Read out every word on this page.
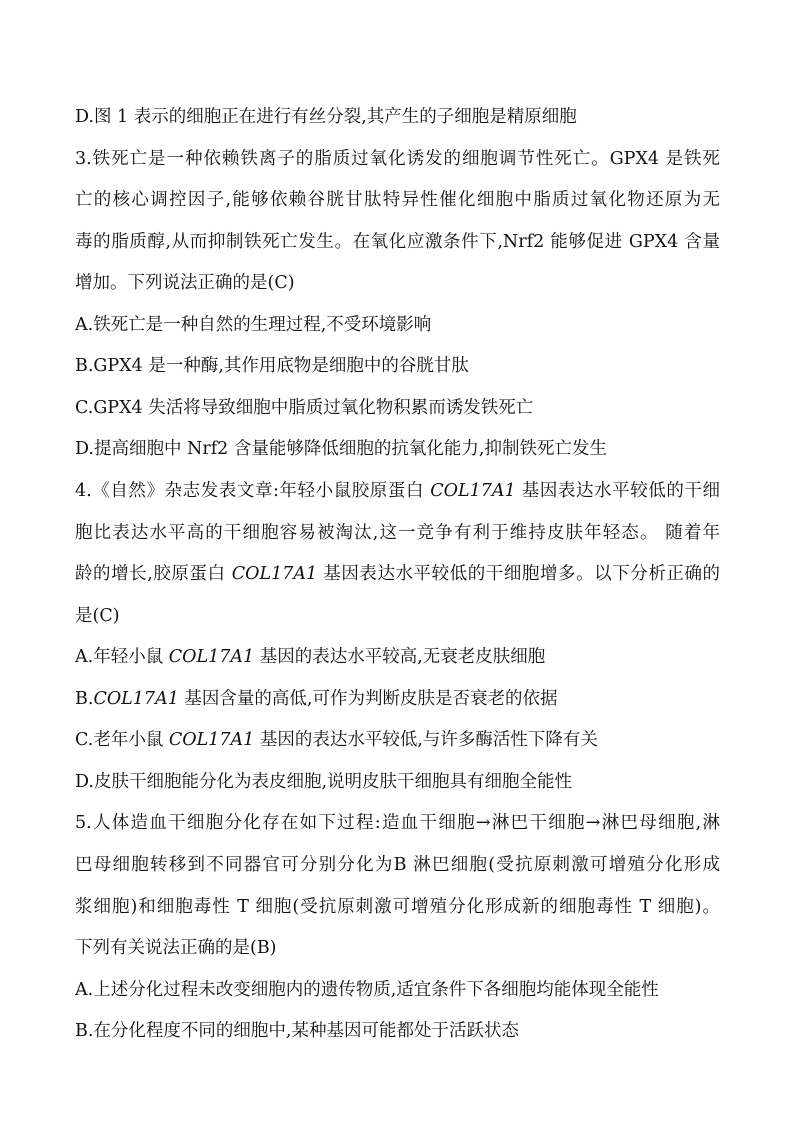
D.图 1 表示的细胞正在进行有丝分裂,其产生的子细胞是精原细胞
3.铁死亡是一种依赖铁离子的脂质过氧化诱发的细胞调节性死亡。GPX4 是铁死
亡的核心调控因子,能够依赖谷胱甘肽特异性催化细胞中脂质过氧化物还原为无
毒的脂质醇,从而抑制铁死亡发生。在氧化应激条件下,Nrf2 能够促进 GPX4 含量
增加。下列说法正确的是(C)
A.铁死亡是一种自然的生理过程,不受环境影响
B.GPX4 是一种酶,其作用底物是细胞中的谷胱甘肽
C.GPX4 失活将导致细胞中脂质过氧化物积累而诱发铁死亡
D.提高细胞中 Nrf2 含量能够降低细胞的抗氧化能力,抑制铁死亡发生
4.《自然》杂志发表文章:年轻小鼠胶原蛋白 COL17A1 基因表达水平较低的干细
胞比表达水平高的干细胞容易被淘汰,这一竞争有利于维持皮肤年轻态。 随着年
龄的增长,胶原蛋白 COL17A1 基因表达水平较低的干细胞增多。以下分析正确的
是(C)
A.年轻小鼠 COL17A1 基因的表达水平较高,无衰老皮肤细胞
B.COL17A1 基因含量的高低,可作为判断皮肤是否衰老的依据
C.老年小鼠 COL17A1 基因的表达水平较低,与许多酶活性下降有关
D.皮肤干细胞能分化为表皮细胞,说明皮肤干细胞具有细胞全能性
5.人体造血干细胞分化存在如下过程:造血干细胞→淋巴干细胞→淋巴母细胞,淋
巴母细胞转移到不同器官可分别分化为B 淋巴细胞(受抗原刺激可增殖分化形成
浆细胞)和细胞毒性 T 细胞(受抗原刺激可增殖分化形成新的细胞毒性 T 细胞)。
下列有关说法正确的是(B)
A.上述分化过程未改变细胞内的遗传物质,适宜条件下各细胞均能体现全能性
B.在分化程度不同的细胞中,某种基因可能都处于活跃状态
